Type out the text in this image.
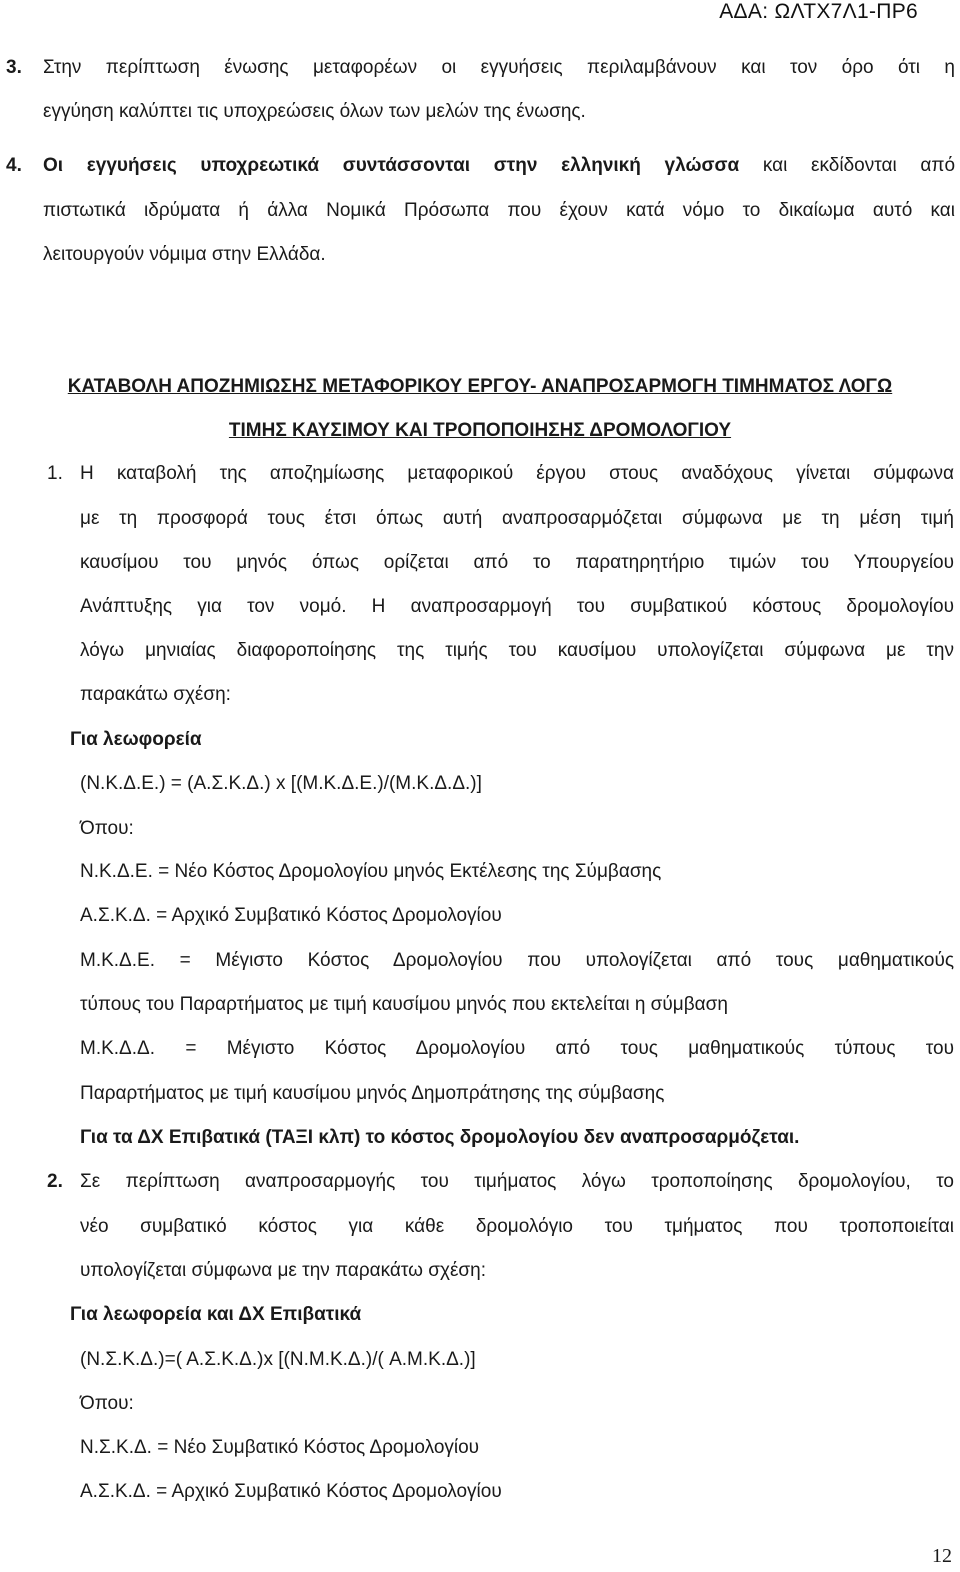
ΑΔΑ: ΩΛΤΧ7Λ1-ΠΡ6
3. Στην περίπτωση ένωσης μεταφορέων οι εγγυήσεις περιλαμβάνουν και τον όρο ότι η
εγγύηση καλύπτει τις υποχρεώσεις όλων των μελών της ένωσης.
4. Οι εγγυήσεις υποχρεωτικά συντάσσονται στην ελληνική γλώσσα και εκδίδονται από
πιστωτικά ιδρύματα ή άλλα Νομικά Πρόσωπα που έχουν κατά νόμο το δικαίωμα αυτό και
λειτουργούν νόμιμα στην Ελλάδα.
ΚΑΤΑΒΟΛΗ ΑΠΟΖΗΜΙΩΣΗΣ ΜΕΤΑΦΟΡΙΚΟΥ ΕΡΓΟΥ- ΑΝΑΠΡΟΣΑΡΜΟΓΗ ΤΙΜΗΜΑΤΟΣ ΛΟΓΩ
ΤΙΜΗΣ ΚΑΥΣΙΜΟΥ ΚΑΙ ΤΡΟΠΟΠΟΙΗΣΗΣ ΔΡΟΜΟΛΟΓΙΟΥ
1. Η καταβολή της αποζημίωσης μεταφορικού έργου στους αναδόχους γίνεται σύμφωνα
με τη προσφορά τους έτσι όπως αυτή αναπροσαρμόζεται σύμφωνα με τη μέση τιμή
καυσίμου του μηνός όπως ορίζεται από το παρατηρητήριο τιμών του Υπουργείου
Ανάπτυξης για τον νομό. Η αναπροσαρμογή του συμβατικού κόστους δρομολογίου
λόγω μηνιαίας διαφοροποίησης της τιμής του καυσίμου υπολογίζεται σύμφωνα με την
παρακάτω σχέση:
Για λεωφορεία
(Ν.Κ.Δ.Ε.) = (Α.Σ.Κ.Δ.) x [(Μ.Κ.Δ.Ε.)/(Μ.Κ.Δ.Δ.)]
Όπου:
Ν.Κ.Δ.Ε. = Νέο Κόστος Δρομολογίου μηνός Εκτέλεσης της Σύμβασης
Α.Σ.Κ.Δ. = Αρχικό Συμβατικό Κόστος Δρομολογίου
Μ.Κ.Δ.Ε. = Μέγιστο Κόστος Δρομολογίου που υπολογίζεται από τους μαθηματικούς
τύπους του Παραρτήματος με τιμή καυσίμου μηνός που εκτελείται η σύμβαση
Μ.Κ.Δ.Δ. = Μέγιστο Κόστος Δρομολογίου από τους μαθηματικούς τύπους του
Παραρτήματος με τιμή καυσίμου μηνός Δημοπράτησης της σύμβασης
Για τα ΔΧ Επιβατικά (ΤΑΞΙ κλπ) το κόστος δρομολογίου δεν αναπροσαρμόζεται.
2. Σε περίπτωση αναπροσαρμογής του τιμήματος λόγω τροποποίησης δρομολογίου, το
νέο συμβατικό κόστος για κάθε δρομολόγιο του τμήματος που τροποποιείται
υπολογίζεται σύμφωνα με την παρακάτω σχέση:
Για λεωφορεία και ΔΧ Επιβατικά
(Ν.Σ.Κ.Δ.)=( Α.Σ.Κ.Δ.)x [(Ν.Μ.Κ.Δ.)/( Α.Μ.Κ.Δ.)]
Όπου:
Ν.Σ.Κ.Δ. = Νέο Συμβατικό Κόστος Δρομολογίου
Α.Σ.Κ.Δ. = Αρχικό Συμβατικό Κόστος Δρομολογίου
12
